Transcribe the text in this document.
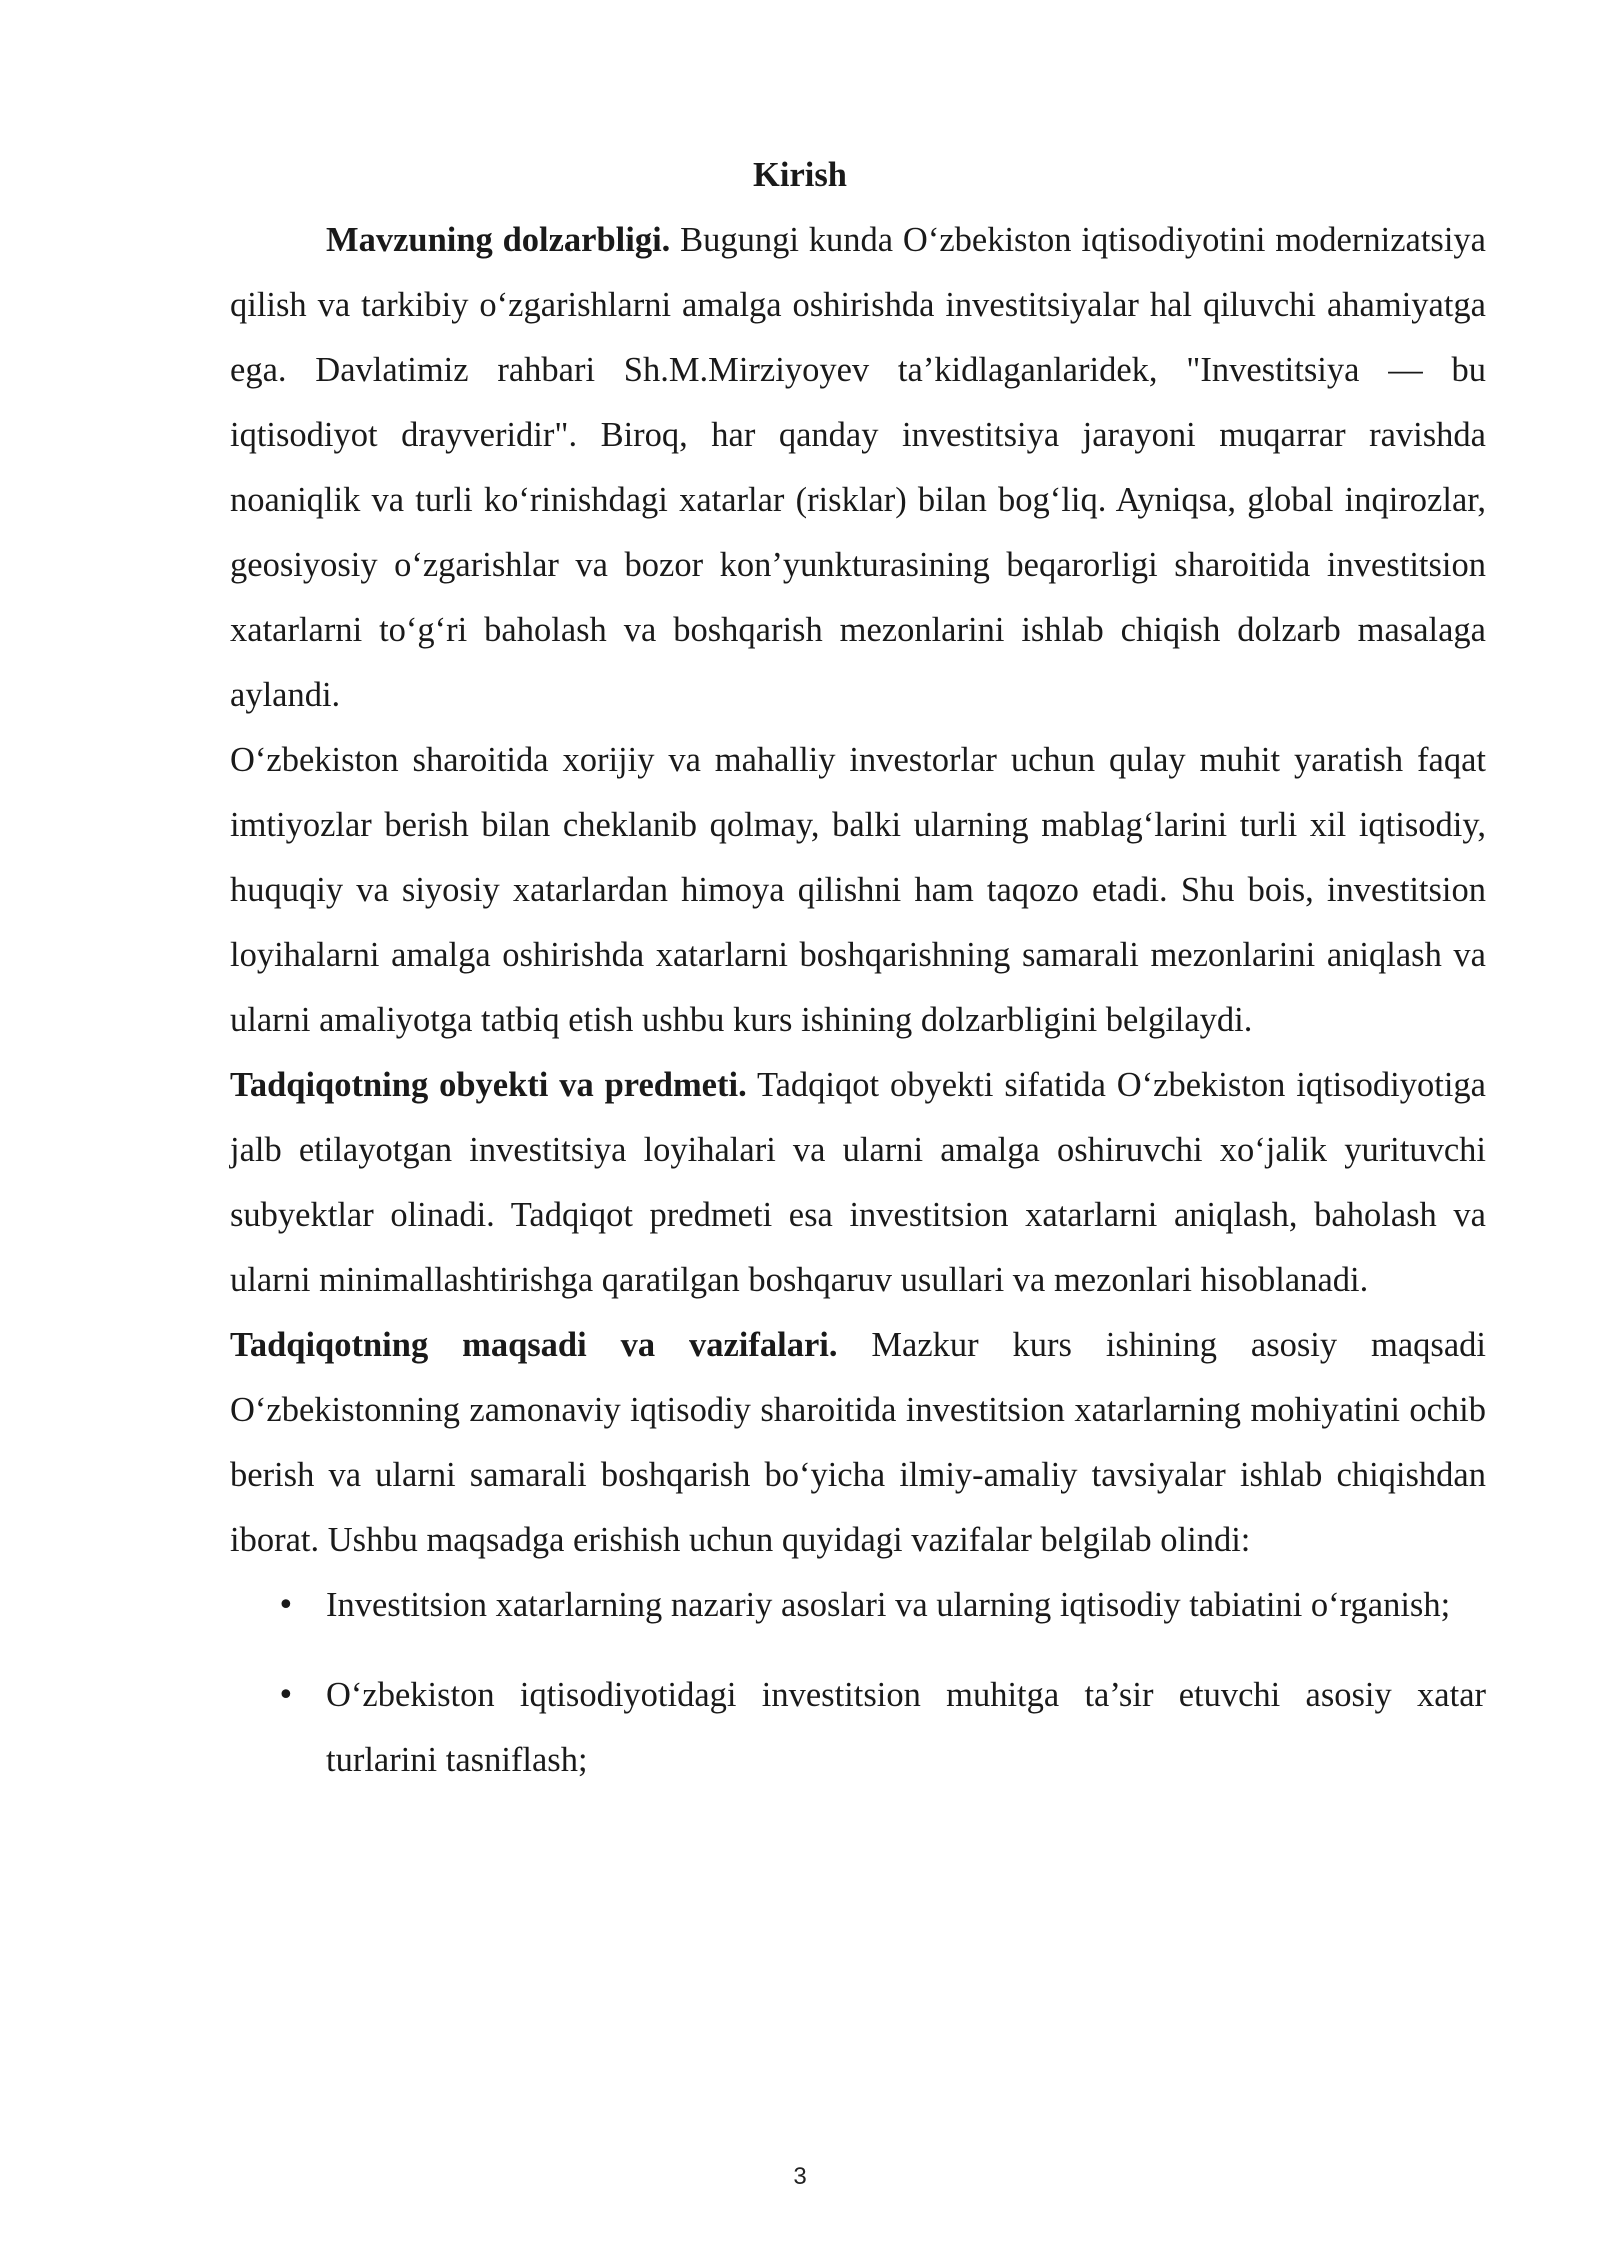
Kirish

Mavzuning dolzarbligi. Bugungi kunda O‘zbekiston iqtisodiyotini modernizatsiya qilish va tarkibiy o‘zgarishlarni amalga oshirishda investitsiyalar hal qiluvchi ahamiyatga ega. Davlatimiz rahbari Sh.M.Mirziyoyev ta’kidlaganlaridek, "Investitsiya — bu iqtisodiyot drayveridir". Biroq, har qanday investitsiya jarayoni muqarrar ravishda noaniqlik va turli ko‘rinishdagi xatarlar (risklar) bilan bog‘liq. Ayniqsa, global inqirozlar, geosiyosiy o‘zgarishlar va bozor kon’yunkturasining beqarorligi sharoitida investitsion xatarlarni to‘g‘ri baholash va boshqarish mezonlarini ishlab chiqish dolzarb masalaga aylandi.

O‘zbekiston sharoitida xorijiy va mahalliy investorlar uchun qulay muhit yaratish faqat imtiyozlar berish bilan cheklanib qolmay, balki ularning mablag‘larini turli xil iqtisodiy, huquqiy va siyosiy xatarlardan himoya qilishni ham taqozo etadi. Shu bois, investitsion loyihalarni amalga oshirishda xatarlarni boshqarishning samarali mezonlarini aniqlash va ularni amaliyotga tatbiq etish ushbu kurs ishining dolzarbligini belgilaydi.

Tadqiqotning obyekti va predmeti. Tadqiqot obyekti sifatida O‘zbekiston iqtisodiyotiga jalb etilayotgan investitsiya loyihalari va ularni amalga oshiruvchi xo‘jalik yurituvchi subyektlar olinadi. Tadqiqot predmeti esa investitsion xatarlarni aniqlash, baholash va ularni minimallashtirishga qaratilgan boshqaruv usullari va mezonlari hisoblanadi.

Tadqiqotning maqsadi va vazifalari. Mazkur kurs ishining asosiy maqsadi O‘zbekistonning zamonaviy iqtisodiy sharoitida investitsion xatarlarning mohiyatini ochib berish va ularni samarali boshqarish bo‘yicha ilmiy-amaliy tavsiyalar ishlab chiqishdan iborat. Ushbu maqsadga erishish uchun quyidagi vazifalar belgilab olindi:

• Investitsion xatarlarning nazariy asoslari va ularning iqtisodiy tabiatini o‘rganish;
• O‘zbekiston iqtisodiyotidagi investitsion muhitga ta’sir etuvchi asosiy xatar turlarini tasniflash;
3
